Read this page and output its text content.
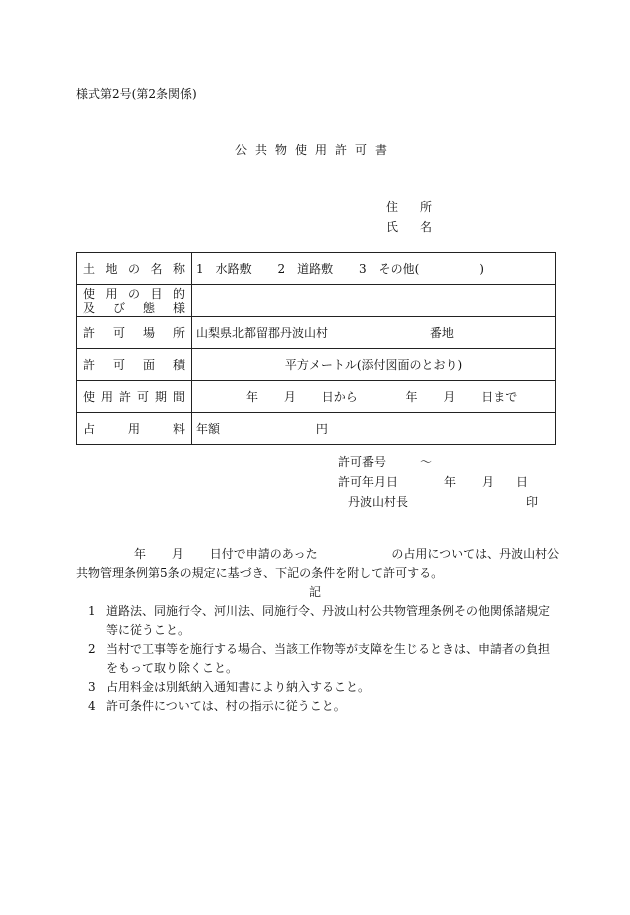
様式第2号(第2条関係)
公共物使用許可書
住 所
氏 名
土地の名称	1　水路敷 2　道路敷 3　その他(　　　　　)

使用の目的
及び態様	

許可場所	山梨県北都留郡丹波山村 番地
許可面積	平方メートル(添付図面のとおり)
使用許可期間	年 月 日から 年 月 日まで
占用料	年額 円
許可番号	～
許可年月日	年 月 日
丹波山村長	印
年 月 日付で申請のあった	の占用については、丹波山村公
共物管理条例第5条の規定に基づき、下記の条件を附して許可する。
記
1 道路法、同施行令、河川法、同施行令、丹波山村公共物管理条例その他関係諸規定等に従うこと。
2 当村で工事等を施行する場合、当該工作物等が支障を生じるときは、申請者の負担をもって取り除くこと。
3 占用料金は別紙納入通知書により納入すること。
4 許可条件については、村の指示に従うこと。
